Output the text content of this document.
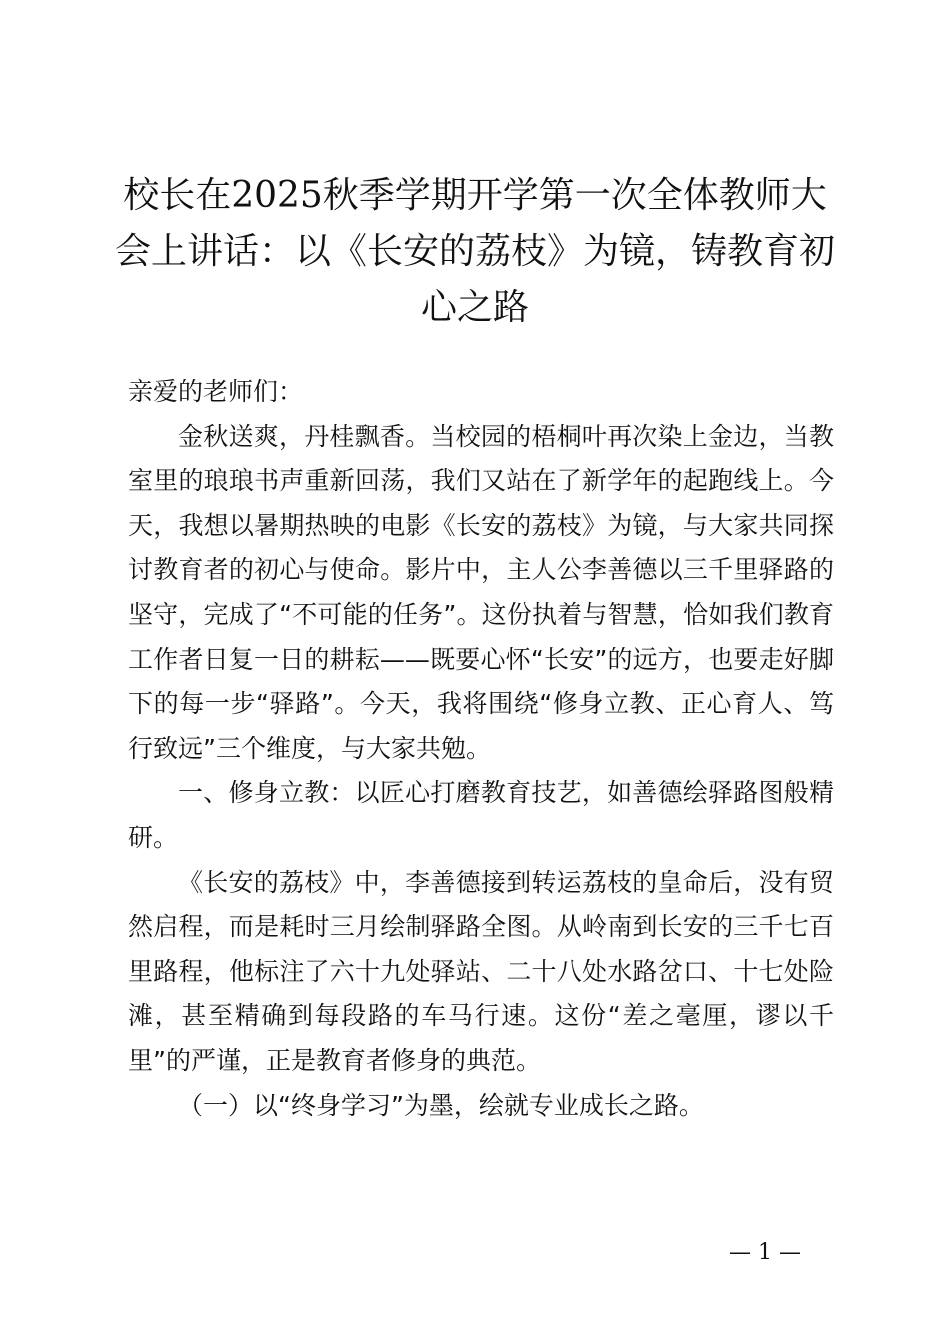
校长在2025秋季学期开学第一次全体教师大会上讲话：以《长安的荔枝》为镜，铸教育初心之路

亲爱的老师们：

金秋送爽，丹桂飘香。当校园的梧桐叶再次染上金边，当教室里的琅琅书声重新回荡，我们又站在了新学年的起跑线上。今天，我想以暑期热映的电影《长安的荔枝》为镜，与大家共同探讨教育者的初心与使命。影片中，主人公李善德以三千里驿路的坚守，完成了“不可能的任务”。这份执着与智慧，恰如我们教育工作者日复一日的耕耘——既要心怀“长安”的远方，也要走好脚下的每一步“驿路”。今天，我将围绕“修身立教、正心育人、笃行致远”三个维度，与大家共勉。

一、修身立教：以匠心打磨教育技艺，如善德绘驿路图般精研。

《长安的荔枝》中，李善德接到转运荔枝的皇命后，没有贸然启程，而是耗时三月绘制驿路全图。从岭南到长安的三千七百里路程，他标注了六十九处驿站、二十八处水路岔口、十七处险滩，甚至精确到每段路的车马行速。这份“差之毫厘，谬以千里”的严谨，正是教育者修身的典范。

（一）以“终身学习”为墨，绘就专业成长之路。

— 1 —
